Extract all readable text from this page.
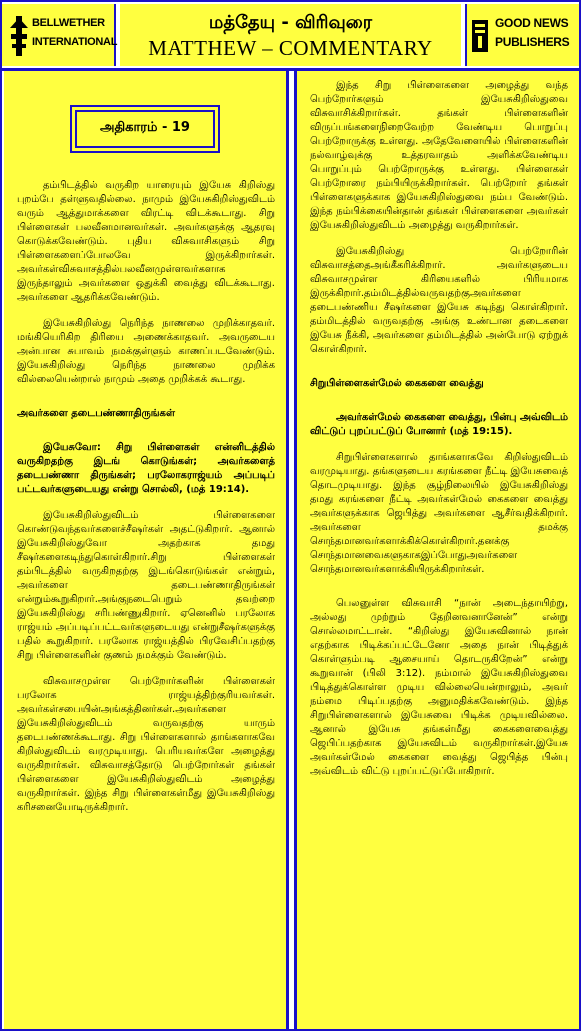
BELLWETHER
INTERNATIONAL
மத்தேயு - விரிவுரை
MATTHEW – COMMENTARY
GOOD NEWS
PUBLISHERS
அதிகாரம் - 19

தம்பிடத்தில் வருகிற யாரையும் இயேசு கிறிஸ்து புறம்பே தள்ளுவதில்லை. நாமும் இயேசுகிறிஸ்துவிடம் வரும் ஆத்துமாக்களை விரட்டி விடக்கூடாது. சிறு பிள்ளைகள் பலவீனமானவர்கள். அவர்களுக்கு ஆதரவு கொடுக்கவேண்டும். புதிய விசுவாசிகளும் சிறு பிள்ளைகளைப்போலவே இருக்கிறார்கள். அவர்கள்விசுவாசத்தில்பலவீனமுள்ளவர்களாக இருந்தாலும் அவர்களை ஒதுக்கி வைத்து விடக்கூடாது. அவர்களை ஆதரிக்கவேண்டும்.

இயேசுகிறிஸ்து நெரிந்த நாணலை முறிக்காதவர். மங்கியெரிகிற திரியை அணைக்காதவர். அவருடைய அன்பான சுபாவம் நமக்குள்ளும் காணப்படவேண்டும். இயேசுகிறிஸ்து நெரிந்த நாணலை முறிக்க வில்லையென்றால் நாமும் அதை முறிக்கக் கூடாது.

அவர்களை தடைபண்ணாதிருங்கள்

இயேசுவோ: சிறு பிள்ளைகள் என்னிடத்தில் வருகிறதற்கு இடங் கொடுங்கள்; அவர்களைத் தடைபண்ணா திருங்கள்; பரலோகராஜ்யம் அப்படிப் பட்டவர்களுடையது என்று சொல்லி, (மத் 19:14).

இயேசுகிறிஸ்துவிடம் பிள்ளைகளை கொண்டுவந்தவர்களைச்சீஷர்கள் அதட்டுகிறார். ஆனால் இயேசுகிறிஸ்துவோ அதற்காக தமது சீஷர்களைகடிந்துகொள்கிறார்.சிறு பிள்ளைகள் தம்பிடத்தில் வருகிறதற்கு இடங்கொடுங்கள் என்றும், அவர்களை தடைபண்ணாதிருங்கள் என்றும்கூறுகிறார்.அங்குநடைபெறும் தவற்றை இயேசுகிறிஸ்து சரிபண்ணுகிறார். ஏனெனில் பரலோக ராஜ்யம் அப்படிப்பட்டவர்களுடையது என்றுசீஷர்களுக்கு பதில் கூறுகிறார். பரலோக ராஜ்யத்தில் பிரவேசிப்பதற்கு சிறு பிள்ளைகளின் குணம் நமக்கும் வேண்டும்.

விசுவாசமுள்ள பெற்றோர்களின் பிள்ளைகள் பரலோக ராஜ்யத்திற்குரியவர்கள். அவர்கள்சபையின்அங்கத்தினர்கள்.அவர்களை இயேசுகிறிஸ்துவிடம் வருவதற்கு யாரும் தடைபண்ணக்கூடாது. சிறு பிள்ளைகளால் தாங்களாகவே கிறிஸ்துவிடம் வரமுடியாது. பெரியவர்களே அழைத்து வருகிறார்கள். விசுவாசத்தோடு பெற்றோர்கள் தங்கள் பிள்ளைகளை இயேசுகிறிஸ்துவிடம் அழைத்து வருகிறார்கள். இந்த சிறு பிள்ளைகள்மீது இயேசுகிறிஸ்து கரிசனையோடிருக்கிறார்.

இந்த சிறு பிள்ளைகளை அழைத்து வந்த பெற்றோர்களும் இயேசுகிறிஸ்துவை விசுவாசிக்கிறார்கள். தங்கள் பிள்ளைகளின் விருப்பங்களைநிறைவேற்ற வேண்டிய பொறுப்பு பெற்றோருக்கு உள்ளது. அதேவேளையில் பிள்ளைகளின் நல்வாழ்வுக்கு உத்தரவாதம் அளிக்கவேண்டிய பொறுப்பும் பெற்றோருக்கு உள்ளது. பிள்ளைகள் பெற்றோரை நம்பியிருக்கிறார்கள். பெற்றோர் தங்கள் பிள்ளைகளுக்காக இயேசுகிறிஸ்துவை நம்ப வேண்டும். இந்த நம்பிக்கையின்தான் தங்கள் பிள்ளைகளை அவர்கள் இயேசுகிறிஸ்துவிடம் அழைத்து வருகிறார்கள்.

இயேசுகிறிஸ்து பெற்றோரின் விசுவாசத்தைஅங்கீகரிக்கிறார். அவர்களுடைய விசுவாசமுள்ள கிரியைகளில் பிரியமாக இருக்கிறார்.தம்மிடத்தில்வருவதற்குஅவர்களை தடைபண்ணிய சீஷர்களை இயேசு கடிந்து கொள்கிறார். தம்மிடத்தில் வருவதற்கு அங்கு உண்டான தடைகளை இயேசு நீக்கி, அவர்களை தம்மிடத்தில் அன்போடு ஏற்றுக் கொள்கிறார்.

சிறுபிள்ளைகள்மேல் கைகளை வைத்து

அவர்கள்மேல் கைகளை வைத்து, பின்பு அவ்விடம் விட்டுப் புறப்பட்டுப் போனார் (மத் 19:15).

சிறுபிள்ளைகளால் தாங்களாகவே கிறிஸ்துவிடம் வரமுடியாது. தங்களுடைய கரங்களை நீட்டி இயேசுவைத் தொடமுடியாது. இந்த சூழ்நிலையில் இயேசுகிறிஸ்து தமது கரங்களை நீட்டி அவர்கள்மேல் கைகளை வைத்து அவர்களுக்காக ஜெபித்து அவர்களை ஆசீர்வதிக்கிறார். அவர்களை தமக்கு சொந்தமானவர்களாக்கிக்கொள்கிறார்.தனக்கு சொந்தமானவைகளுகாகஇப்போதுஅவர்களை சொந்தமானவர்களாக்கியிருக்கிறார்கள்.

பெலனுள்ள விசுவாசி “நான் அடைந்தாயிற்று, அல்லது முற்றும் தேறினவனானேன்” என்று சொல்லமாட்டான். “கிறிஸ்து இயேசுவினால் நான் எதற்காக பிடிக்கப்பட்டேனோ அதை நான் பிடித்துக் கொள்ளும்படி ஆசையாய் தொடருகிறேன்” என்று கூறுவான் (பிலி 3:12). நம்மால் இயேசுகிறிஸ்துவை பிடித்துக்கொள்ள முடிய வில்லையென்றாலும், அவர் நம்மை பிடிப்பதற்கு அனுமதிக்கவேண்டும். இந்த சிறுபிள்ளைகளால் இயேசுவை பிடிக்க முடியவில்லை. ஆனால் இயேசு தங்கள்மீது கைகளைவைத்து ஜெபிப்பதற்காக இயேசுவிடம் வருகிறார்கள்.இயேசு அவர்கள்மேல் கைகளை வைத்து ஜெபித்த பின்பு அவ்விடம் விட்டு புறப்பட்டுப்போகிறார்.
